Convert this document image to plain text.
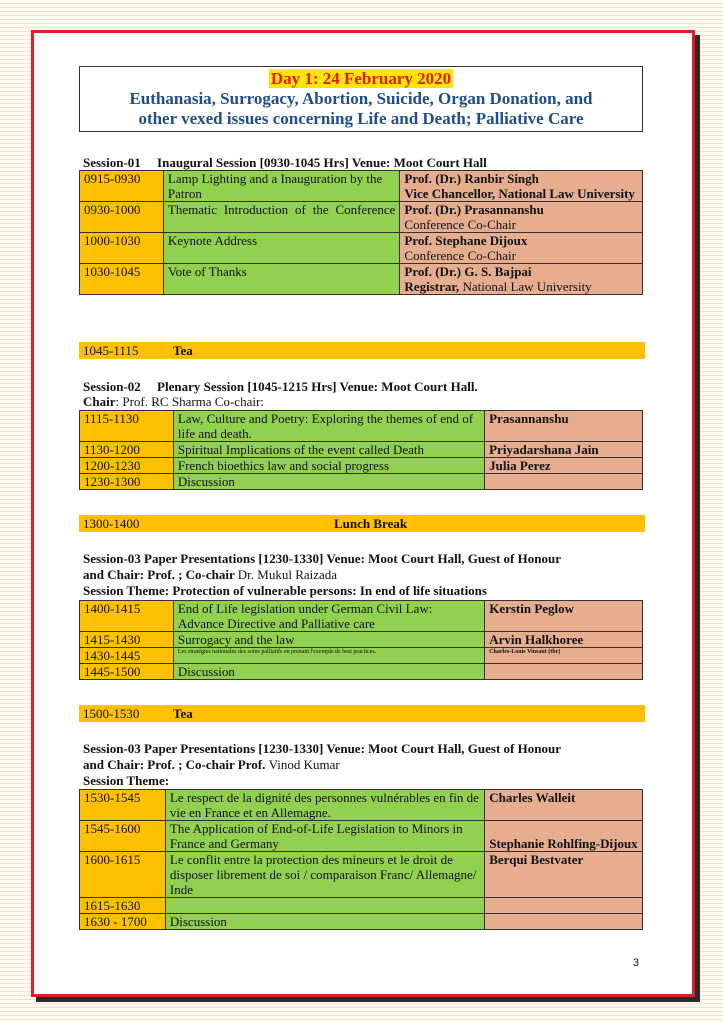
Day 1: 24 February 2020
Euthanasia, Surrogacy, Abortion, Suicide, Organ Donation, and
other vexed issues concerning Life and Death; Palliative Care
Session-01 Inaugural Session [0930-1045 Hrs] Venue: Moot Court Hall
0915-0930	Lamp Lighting and a Inauguration by the Patron	Prof. (Dr.) Ranbir Singh
Vice Chancellor, National Law University

0930-1000	Thematic Introduction of the Conference	Prof. (Dr.) Prasannanshu
Conference Co-Chair

1000-1030	Keynote Address	Prof. Stephane Dijoux
Conference Co-Chair

1030-1045	Vote of Thanks	Prof. (Dr.) G. S. Bajpai
Registrar, National Law University
1045-1115	Tea
Session-02 Plenary Session [1045-1215 Hrs] Venue: Moot Court Hall.
Chair: Prof. RC Sharma Co-chair:
1115-1130	Law, Culture and Poetry: Exploring the themes of end of life and death.	Prasannanshu
1130-1200	Spiritual Implications of the event called Death	Priyadarshana Jain
1200-1230	French bioethics law and social progress	Julia Perez
1230-1300	Discussion	
1300-1400	Lunch Break
Session-03 Paper Presentations [1230-1330] Venue: Moot Court Hall, Guest of Honour
and Chair: Prof. ; Co-chair Dr. Mukul Raizada
Session Theme: Protection of vulnerable persons: In end of life situations
1400-1415	End of Life legislation under German Civil Law: Advance Directive and Palliative care	Kerstin Peglow
1415-1430	Surrogacy and the law	Arvin Halkhoree
1430-1445	Les stratégies nationales des soins palliatifs en prenant l'exemple de best practices.	Charles-Louis Vinsaut (tbr)
1445-1500	Discussion	
1500-1530	Tea
Session-03 Paper Presentations [1230-1330] Venue: Moot Court Hall, Guest of Honour
and Chair: Prof. ; Co-chair Prof. Vinod Kumar
Session Theme:
1530-1545	Le respect de la dignité des personnes vulnérables en fin de vie en France et en Allemagne.	Charles Walleit
1545-1600	The Application of End-of-Life Legislation to Minors in France and Germany	Stephanie Rohlfing-Dijoux
1600-1615	Le conflit entre la protection des mineurs et le droit de disposer librement de soi / comparaison Franc/ Allemagne/ Inde	Berqui Bestvater
1615-1630		
1630 - 1700	Discussion	
3
